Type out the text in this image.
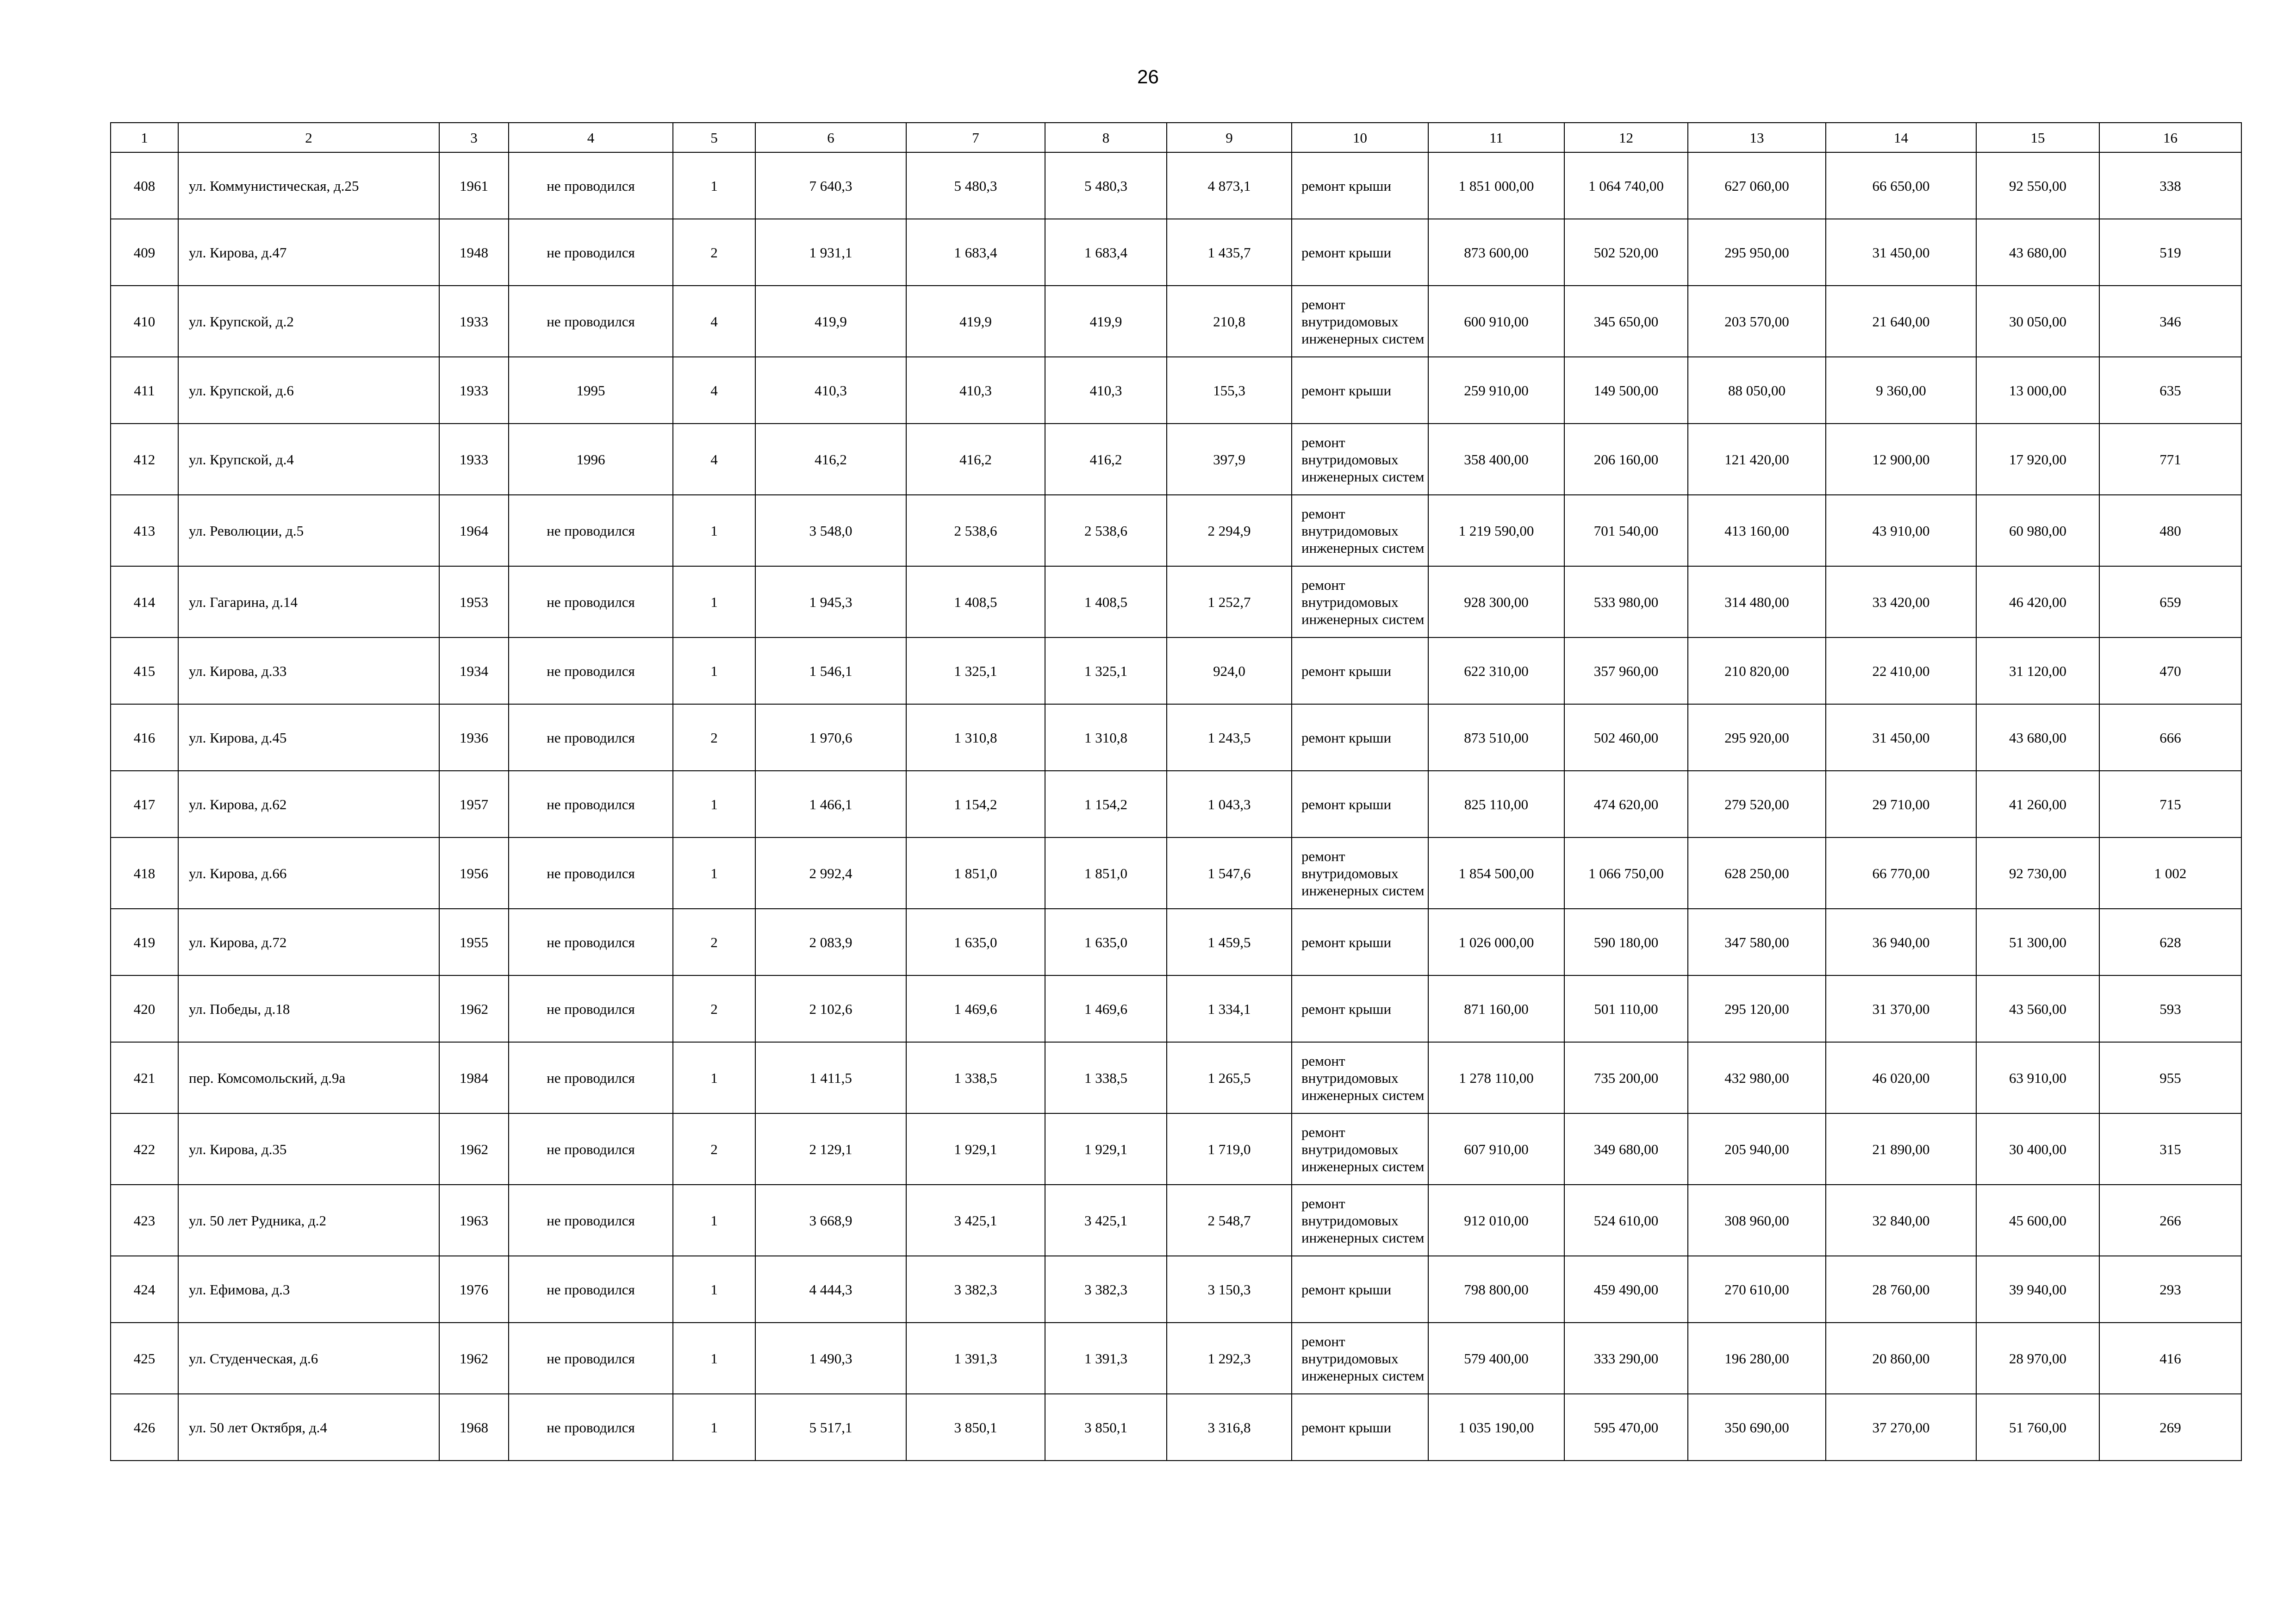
26
1	2	3	4	5	6	7	8	9	10	11	12	13	14	15	16
408	ул. Коммунистическая, д.25	1961	не проводился	1	7 640,3	5 480,3	5 480,3	4 873,1	ремонт крыши	1 851 000,00	1 064 740,00	627 060,00	66 650,00	92 550,00	338
409	ул. Кирова, д.47	1948	не проводился	2	1 931,1	1 683,4	1 683,4	1 435,7	ремонт крыши	873 600,00	502 520,00	295 950,00	31 450,00	43 680,00	519
410	ул. Крупской, д.2	1933	не проводился	4	419,9	419,9	419,9	210,8	ремонт внутридомовых инженерных систем	600 910,00	345 650,00	203 570,00	21 640,00	30 050,00	346
411	ул. Крупской, д.6	1933	1995	4	410,3	410,3	410,3	155,3	ремонт крыши	259 910,00	149 500,00	88 050,00	9 360,00	13 000,00	635
412	ул. Крупской, д.4	1933	1996	4	416,2	416,2	416,2	397,9	ремонт внутридомовых инженерных систем	358 400,00	206 160,00	121 420,00	12 900,00	17 920,00	771
413	ул. Революции, д.5	1964	не проводился	1	3 548,0	2 538,6	2 538,6	2 294,9	ремонт внутридомовых инженерных систем	1 219 590,00	701 540,00	413 160,00	43 910,00	60 980,00	480
414	ул. Гагарина, д.14	1953	не проводился	1	1 945,3	1 408,5	1 408,5	1 252,7	ремонт внутридомовых инженерных систем	928 300,00	533 980,00	314 480,00	33 420,00	46 420,00	659
415	ул. Кирова, д.33	1934	не проводился	1	1 546,1	1 325,1	1 325,1	924,0	ремонт крыши	622 310,00	357 960,00	210 820,00	22 410,00	31 120,00	470
416	ул. Кирова, д.45	1936	не проводился	2	1 970,6	1 310,8	1 310,8	1 243,5	ремонт крыши	873 510,00	502 460,00	295 920,00	31 450,00	43 680,00	666
417	ул. Кирова, д.62	1957	не проводился	1	1 466,1	1 154,2	1 154,2	1 043,3	ремонт крыши	825 110,00	474 620,00	279 520,00	29 710,00	41 260,00	715
418	ул. Кирова, д.66	1956	не проводился	1	2 992,4	1 851,0	1 851,0	1 547,6	ремонт внутридомовых инженерных систем	1 854 500,00	1 066 750,00	628 250,00	66 770,00	92 730,00	1 002
419	ул. Кирова, д.72	1955	не проводился	2	2 083,9	1 635,0	1 635,0	1 459,5	ремонт крыши	1 026 000,00	590 180,00	347 580,00	36 940,00	51 300,00	628
420	ул. Победы, д.18	1962	не проводился	2	2 102,6	1 469,6	1 469,6	1 334,1	ремонт крыши	871 160,00	501 110,00	295 120,00	31 370,00	43 560,00	593
421	пер. Комсомольский, д.9а	1984	не проводился	1	1 411,5	1 338,5	1 338,5	1 265,5	ремонт внутридомовых инженерных систем	1 278 110,00	735 200,00	432 980,00	46 020,00	63 910,00	955
422	ул. Кирова, д.35	1962	не проводился	2	2 129,1	1 929,1	1 929,1	1 719,0	ремонт внутридомовых инженерных систем	607 910,00	349 680,00	205 940,00	21 890,00	30 400,00	315
423	ул. 50 лет Рудника, д.2	1963	не проводился	1	3 668,9	3 425,1	3 425,1	2 548,7	ремонт внутридомовых инженерных систем	912 010,00	524 610,00	308 960,00	32 840,00	45 600,00	266
424	ул. Ефимова, д.3	1976	не проводился	1	4 444,3	3 382,3	3 382,3	3 150,3	ремонт крыши	798 800,00	459 490,00	270 610,00	28 760,00	39 940,00	293
425	ул. Студенческая, д.6	1962	не проводился	1	1 490,3	1 391,3	1 391,3	1 292,3	ремонт внутридомовых инженерных систем	579 400,00	333 290,00	196 280,00	20 860,00	28 970,00	416
426	ул. 50 лет Октября, д.4	1968	не проводился	1	5 517,1	3 850,1	3 850,1	3 316,8	ремонт крыши	1 035 190,00	595 470,00	350 690,00	37 270,00	51 760,00	269
